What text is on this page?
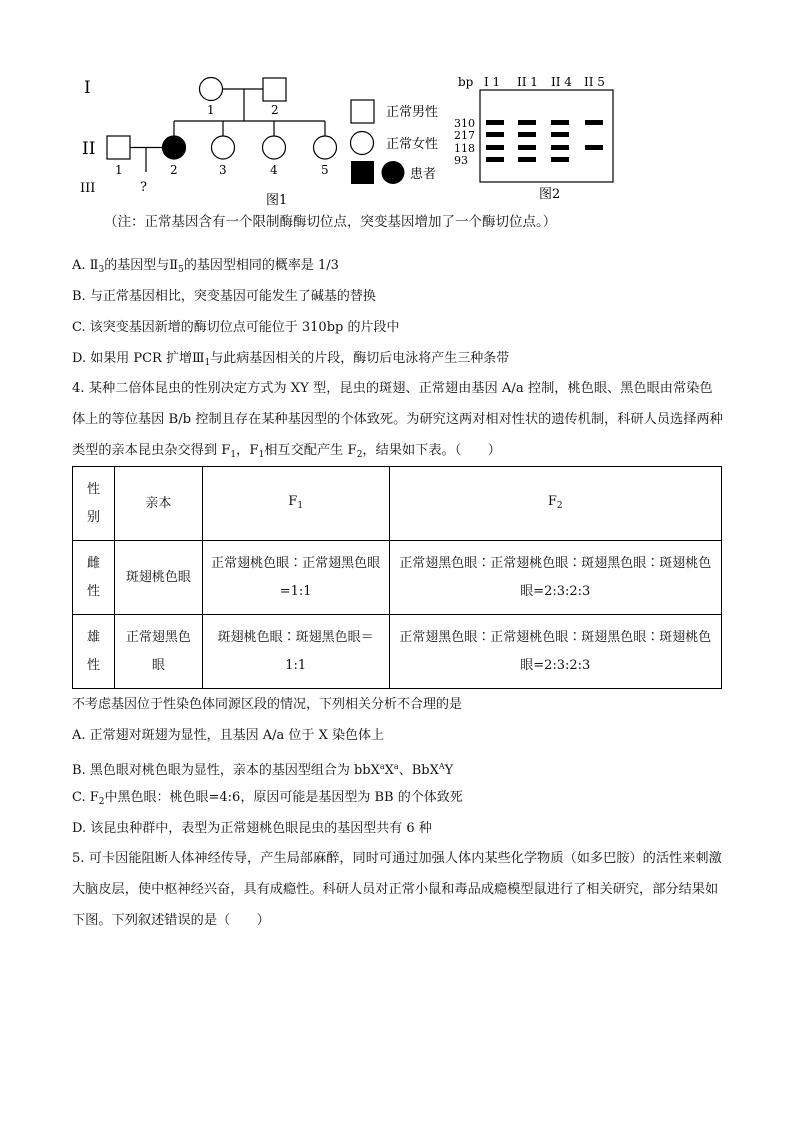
I
II
III
1	2
1	2	3	4	5
?
正常男性
正常女性
患者
图1
bp I 1 II 1 II 4 II 5
310
217
118
93
图2
（注：正常基因含有一个限制酶酶切位点，突变基因增加了一个酶切位点。）
A. $Ⅱ_3$的基因型与$Ⅱ_5$的基因型相同的概率是 1/3
B. 与正常基因相比，突变基因可能发生了碱基的替换
C. 该突变基因新增的酶切位点可能位于 310bp 的片段中
D. 如果用 PCR 扩增$Ⅲ_1$与此病基因相关的片段，酶切后电泳将产生三种条带
4. 某种二倍体昆虫的性别决定方式为 XY 型，昆虫的斑翅、正常翅由基因 A/a 控制，桃色眼、黑色眼由常染色体上的等位基因 B/b 控制且存在某种基因型的个体致死。为研究这两对相对性状的遗传机制，科研人员选择两种类型的亲本昆虫杂交得到 $F_1$，$F_1$相互交配产生 $F_2$，结果如下表。（　　）
性别	亲本	$F_1$	$F_2$
雌性	斑翅桃色眼	正常翅桃色眼∶正常翅黑色眼=1:1	正常翅黑色眼∶正常翅桃色眼∶斑翅黑色眼∶斑翅桃色眼=2:3:2:3
雄性	正常翅黑色眼	斑翅桃色眼∶斑翅黑色眼＝1:1	正常翅黑色眼∶正常翅桃色眼∶斑翅黑色眼∶斑翅桃色眼=2:3:2:3
不考虑基因位于性染色体同源区段的情况，下列相关分析不合理的是
A. 正常翅对斑翅为显性，且基因 A/a 位于 X 染色体上
B. 黑色眼对桃色眼为显性，亲本的基因型组合为 $bbX^aX^a$、BbX$^A$Y
C. $F_2$中黑色眼：桃色眼=4:6，原因可能是基因型为 BB 的个体致死
D. 该昆虫种群中，表型为正常翅桃色眼昆虫的基因型共有 6 种
5. 可卡因能阻断人体神经传导，产生局部麻醉，同时可通过加强人体内某些化学物质（如多巴胺）的活性来刺激大脑皮层，使中枢神经兴奋，具有成瘾性。科研人员对正常小鼠和毒品成瘾模型鼠进行了相关研究，部分结果如下图。下列叙述错误的是（　　）
